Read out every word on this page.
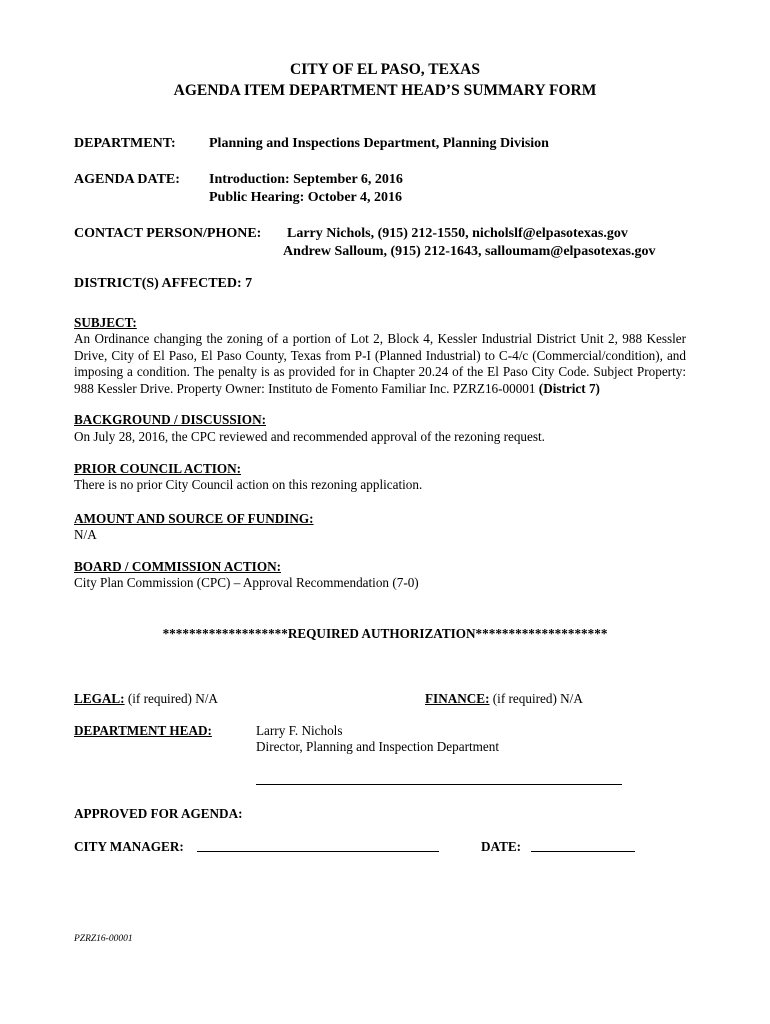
CITY OF EL PASO, TEXAS
AGENDA ITEM DEPARTMENT HEAD’S SUMMARY FORM
DEPARTMENT: Planning and Inspections Department, Planning Division
AGENDA DATE: Introduction: September 6, 2016
Public Hearing: October 4, 2016
CONTACT PERSON/PHONE: Larry Nichols, (915) 212-1550, nicholslf@elpasotexas.gov
Andrew Salloum, (915) 212-1643, salloumam@elpasotexas.gov
DISTRICT(S) AFFECTED: 7
SUBJECT:
An Ordinance changing the zoning of a portion of Lot 2, Block 4, Kessler Industrial District Unit 2, 988 Kessler Drive, City of El Paso, El Paso County, Texas from P-I (Planned Industrial) to C-4/c (Commercial/condition), and imposing a condition. The penalty is as provided for in Chapter 20.24 of the El Paso City Code. Subject Property: 988 Kessler Drive. Property Owner: Instituto de Fomento Familiar Inc. PZRZ16-00001 (District 7)
BACKGROUND / DISCUSSION:
On July 28, 2016, the CPC reviewed and recommended approval of the rezoning request.
PRIOR COUNCIL ACTION:
There is no prior City Council action on this rezoning application.
AMOUNT AND SOURCE OF FUNDING:
N/A
BOARD / COMMISSION ACTION:
City Plan Commission (CPC) – Approval Recommendation (7-0)
*******************REQUIRED AUTHORIZATION********************
LEGAL: (if required) N/A	FINANCE: (if required) N/A
DEPARTMENT HEAD:	Larry F. Nichols
Director, Planning and Inspection Department
APPROVED FOR AGENDA:
CITY MANAGER:	DATE:
PZRZ16-00001
